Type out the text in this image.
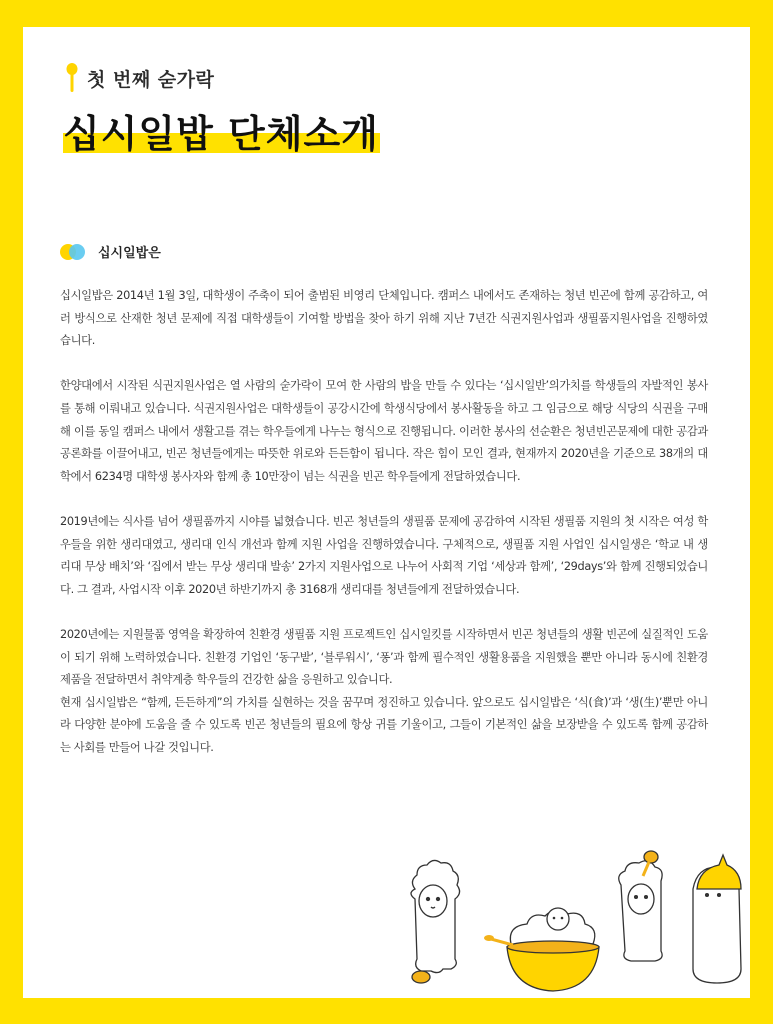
첫 번째 숟가락
십시일밥 단체소개
십시일밥은

십시일밥은 2014년 1월 3일, 대학생이 주축이 되어 출범된 비영리 단체입니다. 캠퍼스 내에서도 존재하는 청년 빈곤에 함께 공감하고, 여러 방식으로 산재한 청년 문제에 직접 대학생들이 기여할 방법을 찾아 하기 위해 지난 7년간 식권지원사업과 생필품지원사업을 진행하였습니다.

한양대에서 시작된 식권지원사업은 열 사람의 숟가락이 모여 한 사람의 밥을 만들 수 있다는 ‘십시일반’의가치를 학생들의 자발적인 봉사를 통해 이뤄내고 있습니다. 식권지원사업은 대학생들이 공강시간에 학생식당에서 봉사활동을 하고 그 임금으로 해당 식당의 식권을 구매해 이를 동일 캠퍼스 내에서 생활고를 겪는 학우들에게 나누는 형식으로 진행됩니다. 이러한 봉사의 선순환은 청년빈곤문제에 대한 공감과 공론화를 이끌어내고, 빈곤 청년들에게는 따뜻한 위로와 든든함이 됩니다. 작은 힘이 모인 결과, 현재까지 2020년을 기준으로 38개의 대학에서 6234명 대학생 봉사자와 함께 총 10만장이 넘는 식권을 빈곤 학우들에게 전달하였습니다.

2019년에는 식사를 넘어 생필품까지 시야를 넓혔습니다. 빈곤 청년들의 생필품 문제에 공감하여 시작된 생필품 지원의 첫 시작은 여성 학우들을 위한 생리대였고, 생리대 인식 개선과 함께 지원 사업을 진행하였습니다. 구체적으로, 생필품 지원 사업인 십시일생은 ‘학교 내 생리대 무상 배치’와 ‘집에서 받는 무상 생리대 발송’ 2가지 지원사업으로 나누어 사회적 기업 ‘세상과 함께’, ‘29days’와 함께 진행되었습니다. 그 결과, 사업시작 이후 2020년 하반기까지 총 3168개 생리대를 청년들에게 전달하였습니다.

2020년에는 지원물품 영역을 확장하여 친환경 생필품 지원 프로젝트인 십시일킷를 시작하면서 빈곤 청년들의 생활 빈곤에 실질적인 도움이 되기 위해 노력하였습니다. 친환경 기업인 ‘동구밭’, ‘블루워시’, ‘퐁’과 함께 필수적인 생활용품을 지원했을 뿐만 아니라 동시에 친환경 제품을 전달하면서 취약계층 학우들의 건강한 삶을 응원하고 있습니다.

현재 십시일밥은 “함께, 든든하게”의 가치를 실현하는 것을 꿈꾸며 정진하고 있습니다. 앞으로도 십시일밥은 ‘식(食)’과 ‘생(生)’뿐만 아니라 다양한 분야에 도움을 줄 수 있도록 빈곤 청년들의 필요에 항상 귀를 기울이고, 그들이 기본적인 삶을 보장받을 수 있도록 함께 공감하는 사회를 만들어 나갈 것입니다.
